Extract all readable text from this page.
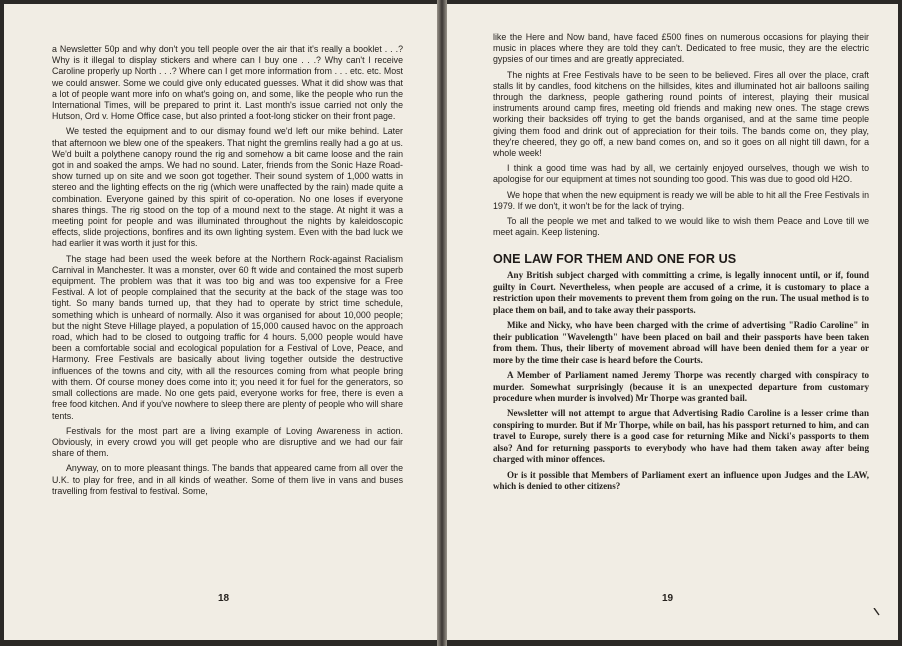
a Newsletter 50p and why don't you tell people over the air that it's really a booklet . . .? Why is it illegal to display stickers and where can I buy one . . .? Why can't I receive Caroline properly up North . . .? Where can I get more information from . . . etc. etc. Most we could answer. Some we could give only educated guesses. What it did show was that a lot of people want more info on what's going on, and some, like the people who run the International Times, will be prepared to print it. Last month's issue carried not only the Hutson, Ord v. Home Office case, but also printed a foot-long sticker on their front page.

We tested the equipment and to our dismay found we'd left our mike behind. Later that afternoon we blew one of the speakers. That night the gremlins really had a go at us. We'd built a polythene canopy round the rig and somehow a bit came loose and the rain got in and soaked the amps. We had no sound. Later, friends from the Sonic Haze Road-show turned up on site and we soon got together. Their sound system of 1,000 watts in stereo and the lighting effects on the rig (which were unaffected by the rain) made quite a combination. Everyone gained by this spirit of co-operation. No one loses if everyone shares things. The rig stood on the top of a mound next to the stage. At night it was a meeting point for people and was illuminated throughout the nights by kaleidoscopic effects, slide projections, bonfires and its own lighting system. Even with the bad luck we had earlier it was worth it just for this.

The stage had been used the week before at the Northern Rock-against Racialism Carnival in Manchester. It was a monster, over 60 ft wide and contained the most superb equipment. The problem was that it was too big and was too expensive for a Free Festival. A lot of people complained that the security at the back of the stage was too tight. So many bands turned up, that they had to operate by strict time schedule, something which is unheard of normally. Also it was organised for about 10,000 people; but the night Steve Hillage played, a population of 15,000 caused havoc on the approach road, which had to be closed to outgoing traffic for 4 hours. 5,000 people would have been a comfortable social and ecological population for a Festival of Love, Peace, and Harmony. Free Festivals are basically about living together outside the destructive influences of the towns and city, with all the resources coming from what people bring with them. Of course money does come into it; you need it for fuel for the generators, so small collections are made. No one gets paid, everyone works for free, there is even a free food kitchen. And if you've nowhere to sleep there are plenty of people who will share tents.

Festivals for the most part are a living example of Loving Awareness in action. Obviously, in every crowd you will get people who are disruptive and we had our fair share of them.

Anyway, on to more pleasant things. The bands that appeared came from all over the U.K. to play for free, and in all kinds of weather. Some of them live in vans and buses travelling from festival to festival. Some,

18

like the Here and Now band, have faced £500 fines on numerous occasions for playing their music in places where they are told they can't. Dedicated to free music, they are the electric gypsies of our times and are greatly appreciated.

The nights at Free Festivals have to be seen to be believed. Fires all over the place, craft stalls lit by candles, food kitchens on the hillsides, kites and illuminated hot air balloons sailing through the darkness, people gathering round points of interest, playing their musical instruments around camp fires, meeting old friends and making new ones. The stage crews working their backsides off trying to get the bands organised, and at the same time people giving them food and drink out of appreciation for their toils. The bands come on, they play, they're cheered, they go off, a new band comes on, and so it goes on all night till dawn, for a whole week!

I think a good time was had by all, we certainly enjoyed ourselves, though we wish to apologise for our equipment at times not sounding too good. This was due to good old H2O.

We hope that when the new equipment is ready we will be able to hit all the Free Festivals in 1979. If we don't, it won't be for the lack of trying.

To all the people we met and talked to we would like to wish them Peace and Love till we meet again. Keep listening.

ONE LAW FOR THEM AND ONE FOR US

Any British subject charged with committing a crime, is legally innocent until, or if, found guilty in Court. Nevertheless, when people are accused of a crime, it is customary to place a restriction upon their movements to prevent them from going on the run. The usual method is to place them on bail, and to take away their passports.

Mike and Nicky, who have been charged with the crime of advertising "Radio Caroline" in their publication "Wavelength" have been placed on bail and their passports have been taken from them. Thus, their liberty of movement abroad will have been denied them for a year or more by the time their case is heard before the Courts.

A Member of Parliament named Jeremy Thorpe was recently charged with conspiracy to murder. Somewhat surprisingly (because it is an unexpected departure from customary procedure when murder is involved) Mr Thorpe was granted bail.

Newsletter will not attempt to argue that Advertising Radio Caroline is a lesser crime than conspiring to murder. But if Mr Thorpe, while on bail, has his passport returned to him, and can travel to Europe, surely there is a good case for returning Mike and Nicki's passports to them also? And for returning passports to everybody who have had them taken away after being charged with minor offences.

Or is it possible that Members of Parliament exert an influence upon Judges and the LAW, which is denied to other citizens?

19
